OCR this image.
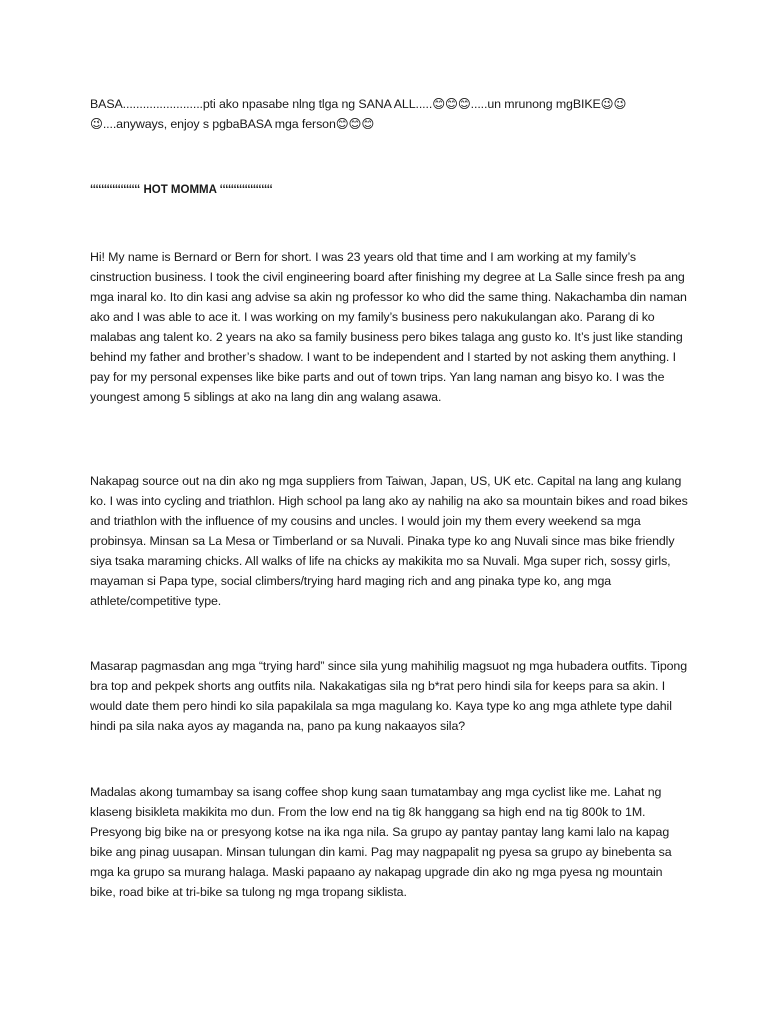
BASA........................pti ako npasabe nlng tlga ng SANA ALL.....😊😊😊.....un mrunong mgBIKE😉😉😉....anyways, enjoy s pgbaBASA mga ferson😊😊😊

‘‘‘‘‘‘‘‘‘‘‘‘‘‘‘‘‘‘ HOT MOMMA ‘‘‘‘‘‘‘‘‘‘‘‘‘‘‘‘‘‘‘

Hi! My name is Bernard or Bern for short. I was 23 years old that time and I am working at my family’s cinstruction business. I took the civil engineering board after finishing my degree at La Salle since fresh pa ang mga inaral ko. Ito din kasi ang advise sa akin ng professor ko who did the same thing. Nakachamba din naman ako and I was able to ace it. I was working on my family’s business pero nakukulangan ako. Parang di ko malabas ang talent ko. 2 years na ako sa family business pero bikes talaga ang gusto ko. It’s just like standing behind my father and brother’s shadow. I want to be independent and I started by not asking them anything. I pay for my personal expenses like bike parts and out of town trips. Yan lang naman ang bisyo ko. I was the youngest among 5 siblings at ako na lang din ang walang asawa.

Nakapag source out na din ako ng mga suppliers from Taiwan, Japan, US, UK etc. Capital na lang ang kulang ko. I was into cycling and triathlon. High school pa lang ako ay nahilig na ako sa mountain bikes and road bikes and triathlon with the influence of my cousins and uncles. I would join my them every weekend sa mga probinsya. Minsan sa La Mesa or Timberland or sa Nuvali. Pinaka type ko ang Nuvali since mas bike friendly siya tsaka maraming chicks. All walks of life na chicks ay makikita mo sa Nuvali. Mga super rich, sossy girls, mayaman si Papa type, social climbers/trying hard maging rich and ang pinaka type ko, ang mga athlete/competitive type.

Masarap pagmasdan ang mga “trying hard” since sila yung mahihilig magsuot ng mga hubadera outfits. Tipong bra top and pekpek shorts ang outfits nila. Nakakatigas sila ng b*rat pero hindi sila for keeps para sa akin. I would date them pero hindi ko sila papakilala sa mga magulang ko. Kaya type ko ang mga athlete type dahil hindi pa sila naka ayos ay maganda na, pano pa kung nakaayos sila?

Madalas akong tumambay sa isang coffee shop kung saan tumatambay ang mga cyclist like me. Lahat ng klaseng bisikleta makikita mo dun. From the low end na tig 8k hanggang sa high end na tig 800k to 1M. Presyong big bike na or presyong kotse na ika nga nila. Sa grupo ay pantay pantay lang kami lalo na kapag bike ang pinag uusapan. Minsan tulungan din kami. Pag may nagpapalit ng pyesa sa grupo ay binebenta sa mga ka grupo sa murang halaga. Maski papaano ay nakapag upgrade din ako ng mga pyesa ng mountain bike, road bike at tri-bike sa tulong ng mga tropang siklista.
